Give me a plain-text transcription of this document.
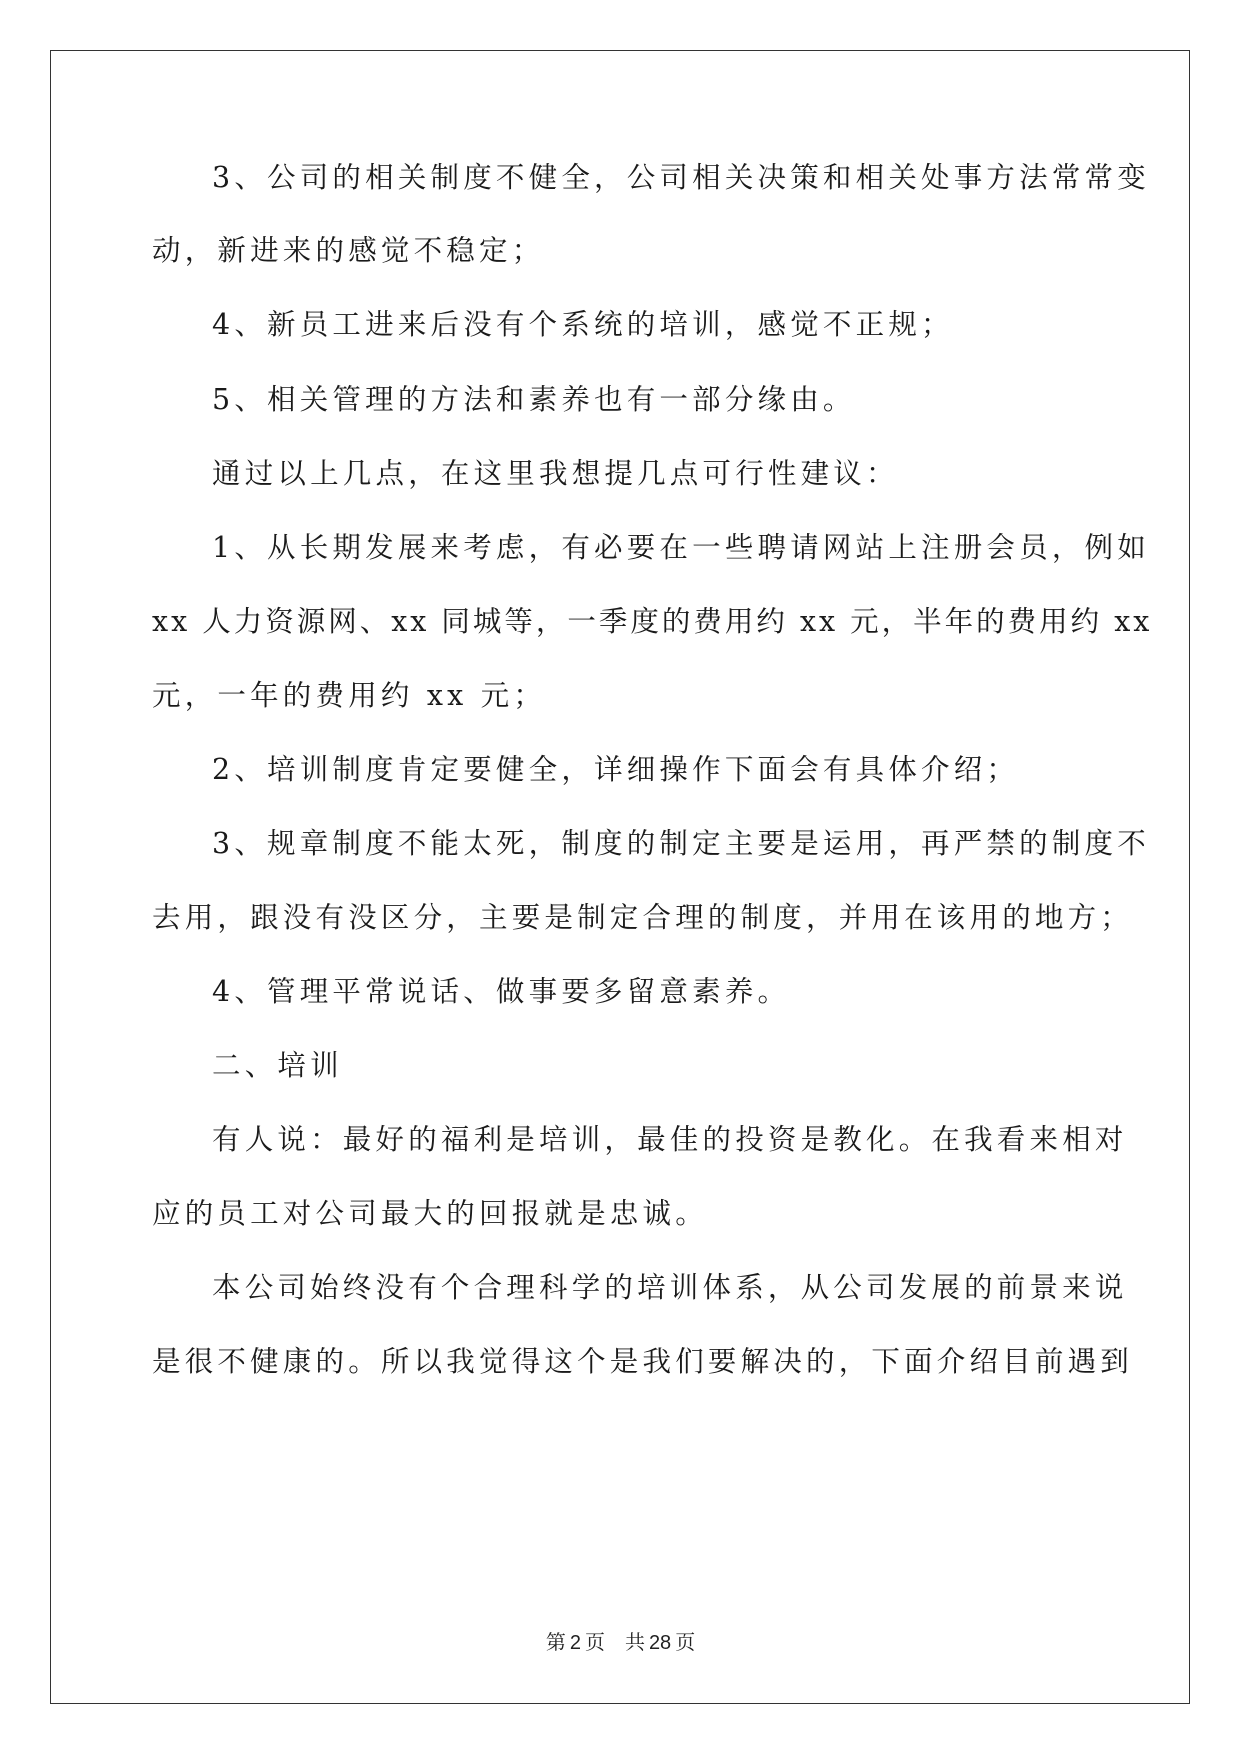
3、公司的相关制度不健全，公司相关决策和相关处事方法常常变
动，新进来的感觉不稳定；
4、新员工进来后没有个系统的培训，感觉不正规；
5、相关管理的方法和素养也有一部分缘由。
通过以上几点，在这里我想提几点可行性建议：
1、从长期发展来考虑，有必要在一些聘请网站上注册会员，例如
xx 人力资源网、xx 同城等，一季度的费用约 xx 元，半年的费用约 xx
元，一年的费用约 xx 元；
2、培训制度肯定要健全，详细操作下面会有具体介绍；
3、规章制度不能太死，制度的制定主要是运用，再严禁的制度不
去用，跟没有没区分，主要是制定合理的制度，并用在该用的地方；
4、管理平常说话、做事要多留意素养。
二、培训
有人说：最好的福利是培训，最佳的投资是教化。在我看来相对
应的员工对公司最大的回报就是忠诚。
本公司始终没有个合理科学的培训体系，从公司发展的前景来说
是很不健康的。所以我觉得这个是我们要解决的，下面介绍目前遇到
第 2 页 共 28 页
